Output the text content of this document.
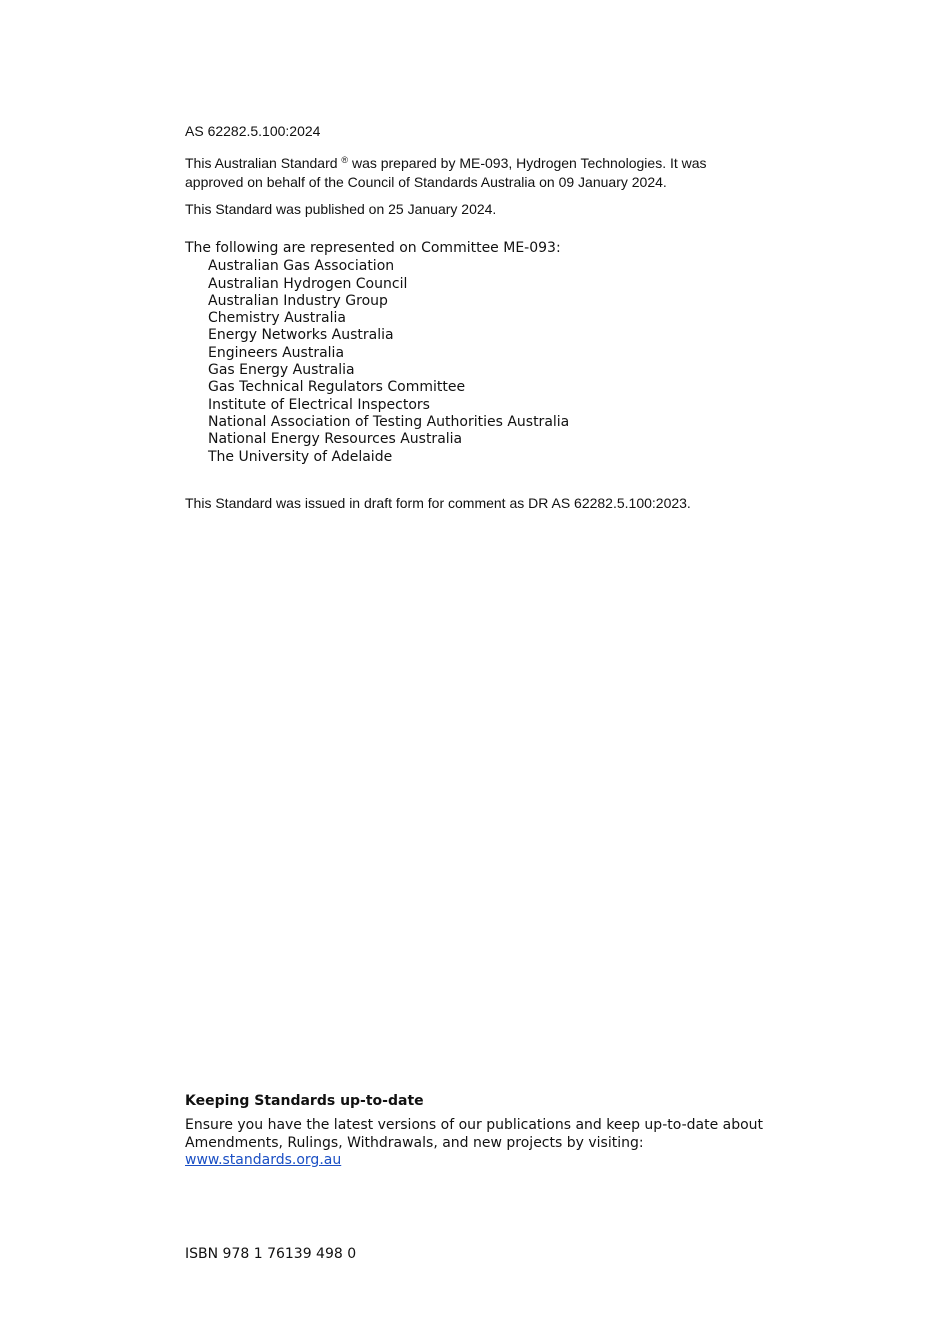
AS 62282.5.100:2024

This Australian Standard ® was prepared by ME-093, Hydrogen Technologies. It was approved on behalf of the Council of Standards Australia on 09 January 2024.

This Standard was published on 25 January 2024.

The following are represented on Committee ME-093:
Australian Gas Association
Australian Hydrogen Council
Australian Industry Group
Chemistry Australia
Energy Networks Australia
Engineers Australia
Gas Energy Australia
Gas Technical Regulators Committee
Institute of Electrical Inspectors
National Association of Testing Authorities Australia
National Energy Resources Australia
The University of Adelaide

This Standard was issued in draft form for comment as DR AS 62282.5.100:2023.

Keeping Standards up-to-date

Ensure you have the latest versions of our publications and keep up-to-date about Amendments, Rulings, Withdrawals, and new projects by visiting:
www.standards.org.au

ISBN 978 1 76139 498 0
